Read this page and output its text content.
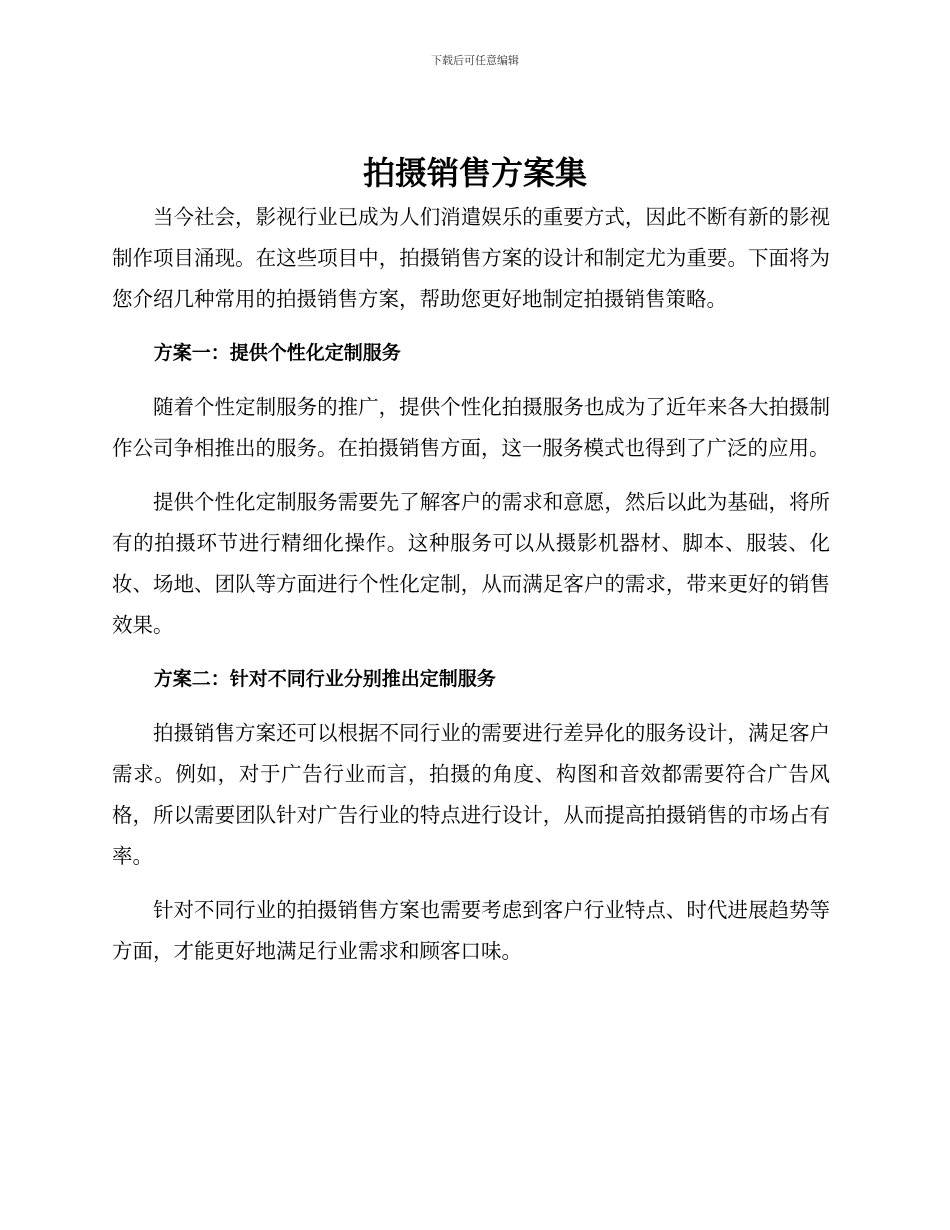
下载后可任意编辑
拍摄销售方案集

当今社会，影视行业已成为人们消遣娱乐的重要方式，因此不断有新的影视制作项目涌现。在这些项目中，拍摄销售方案的设计和制定尤为重要。下面将为您介绍几种常用的拍摄销售方案，帮助您更好地制定拍摄销售策略。

方案一：提供个性化定制服务

随着个性定制服务的推广，提供个性化拍摄服务也成为了近年来各大拍摄制作公司争相推出的服务。在拍摄销售方面，这一服务模式也得到了广泛的应用。

提供个性化定制服务需要先了解客户的需求和意愿，然后以此为基础，将所有的拍摄环节进行精细化操作。这种服务可以从摄影机器材、脚本、服装、化妆、场地、团队等方面进行个性化定制，从而满足客户的需求，带来更好的销售效果。

方案二：针对不同行业分别推出定制服务

拍摄销售方案还可以根据不同行业的需要进行差异化的服务设计，满足客户需求。例如，对于广告行业而言，拍摄的角度、构图和音效都需要符合广告风格，所以需要团队针对广告行业的特点进行设计，从而提高拍摄销售的市场占有率。

针对不同行业的拍摄销售方案也需要考虑到客户行业特点、时代进展趋势等方面，才能更好地满足行业需求和顾客口味。
